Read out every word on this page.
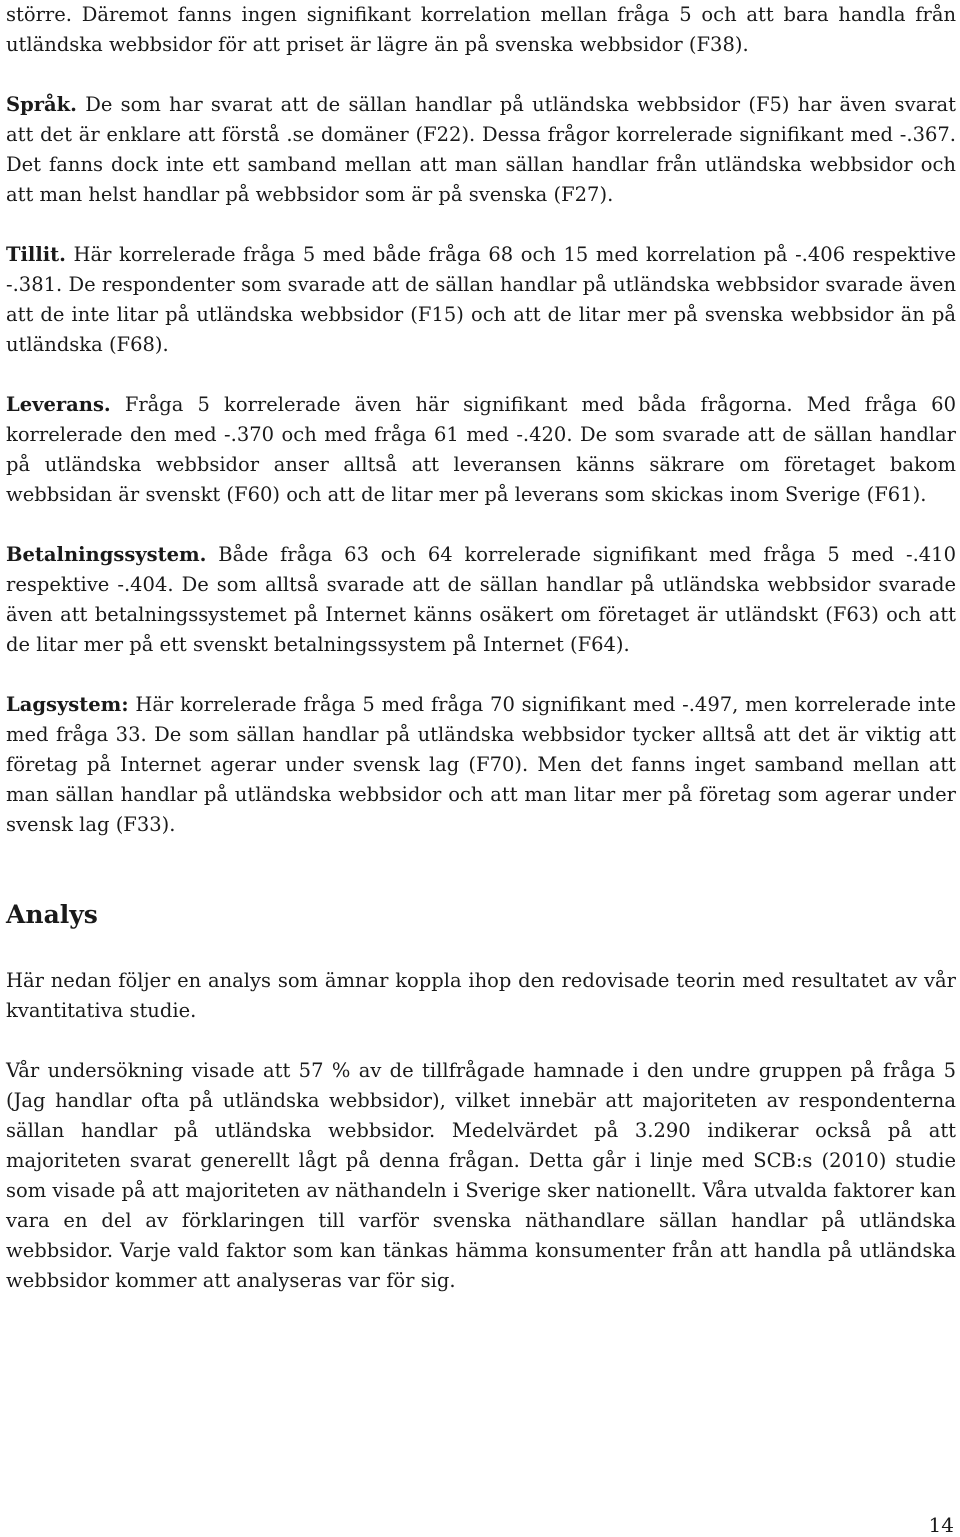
större. Däremot fanns ingen signifikant korrelation mellan fråga 5 och att bara handla från utländska webbsidor för att priset är lägre än på svenska webbsidor (F38).

Språk. De som har svarat att de sällan handlar på utländska webbsidor (F5) har även svarat att det är enklare att förstå .se domäner (F22). Dessa frågor korrelerade signifikant med -.367. Det fanns dock inte ett samband mellan att man sällan handlar från utländska webbsidor och att man helst handlar på webbsidor som är på svenska (F27).

Tillit. Här korrelerade fråga 5 med både fråga 68 och 15 med korrelation på -.406 respektive -.381. De respondenter som svarade att de sällan handlar på utländska webbsidor svarade även att de inte litar på utländska webbsidor (F15) och att de litar mer på svenska webbsidor än på utländska (F68).

Leverans. Fråga 5 korrelerade även här signifikant med båda frågorna. Med fråga 60 korrelerade den med -.370 och med fråga 61 med -.420. De som svarade att de sällan handlar på utländska webbsidor anser alltså att leveransen känns säkrare om företaget bakom webbsidan är svenskt (F60) och att de litar mer på leverans som skickas inom Sverige (F61).

Betalningssystem. Både fråga 63 och 64 korrelerade signifikant med fråga 5 med -.410 respektive -.404. De som alltså svarade att de sällan handlar på utländska webbsidor svarade även att betalningssystemet på Internet känns osäkert om företaget är utländskt (F63) och att de litar mer på ett svenskt betalningssystem på Internet (F64).

Lagsystem: Här korrelerade fråga 5 med fråga 70 signifikant med -.497, men korrelerade inte med fråga 33. De som sällan handlar på utländska webbsidor tycker alltså att det är viktig att företag på Internet agerar under svensk lag (F70). Men det fanns inget samband mellan att man sällan handlar på utländska webbsidor och att man litar mer på företag som agerar under svensk lag (F33).

Analys

Här nedan följer en analys som ämnar koppla ihop den redovisade teorin med resultatet av vår kvantitativa studie.

Vår undersökning visade att 57 % av de tillfrågade hamnade i den undre gruppen på fråga 5 (Jag handlar ofta på utländska webbsidor), vilket innebär att majoriteten av respondenterna sällan handlar på utländska webbsidor. Medelvärdet på 3.290 indikerar också på att majoriteten svarat generellt lågt på denna frågan. Detta går i linje med SCB:s (2010) studie som visade på att majoriteten av näthandeln i Sverige sker nationellt. Våra utvalda faktorer kan vara en del av förklaringen till varför svenska näthandlare sällan handlar på utländska webbsidor. Varje vald faktor som kan tänkas hämma konsumenter från att handla på utländska webbsidor kommer att analyseras var för sig.

14
